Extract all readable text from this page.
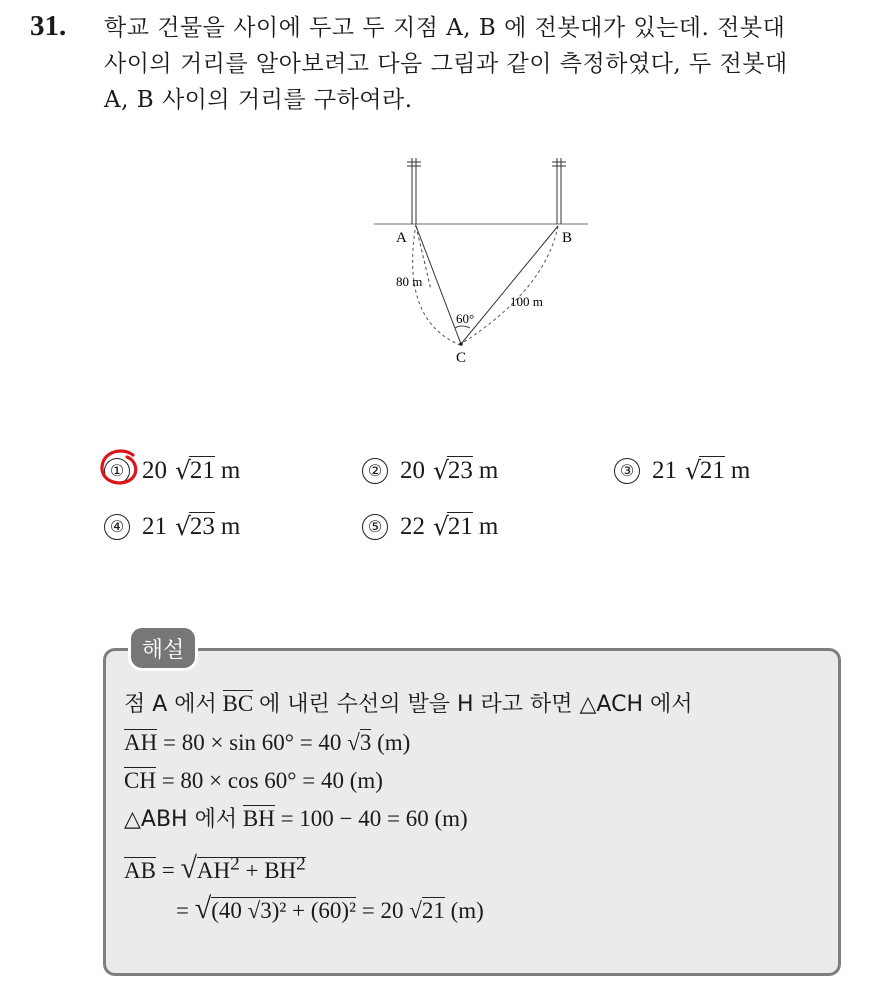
31. 학교 건물을 사이에 두고 두 지점 A, B 에 전봇대가 있는데. 전봇대
사이의 거리를 알아보려고 다음 그림과 같이 측정하였다, 두 전봇대
A, B 사이의 거리를 구하여라.
A	B
C
80 m
100 m
60°
① 20 √ 21 m	② 20 √ 23 m	③ 21 √ 21 m
④ 21 √ 23 m	⑤ 22 √ 21 m
해설
점 A 에서 BC 에 내린 수선의 발을 H 라고 하면 △ACH 에서
AH = 80 × sin 60° = 40 √3 (m)
CH = 80 × cos 60° = 40 (m)
△ABH 에서 BH = 100 − 40 = 60 (m)
AB = $√AH^2 + BH^2$
= √(40 √3)² + (60)² = 20 √21 (m)
